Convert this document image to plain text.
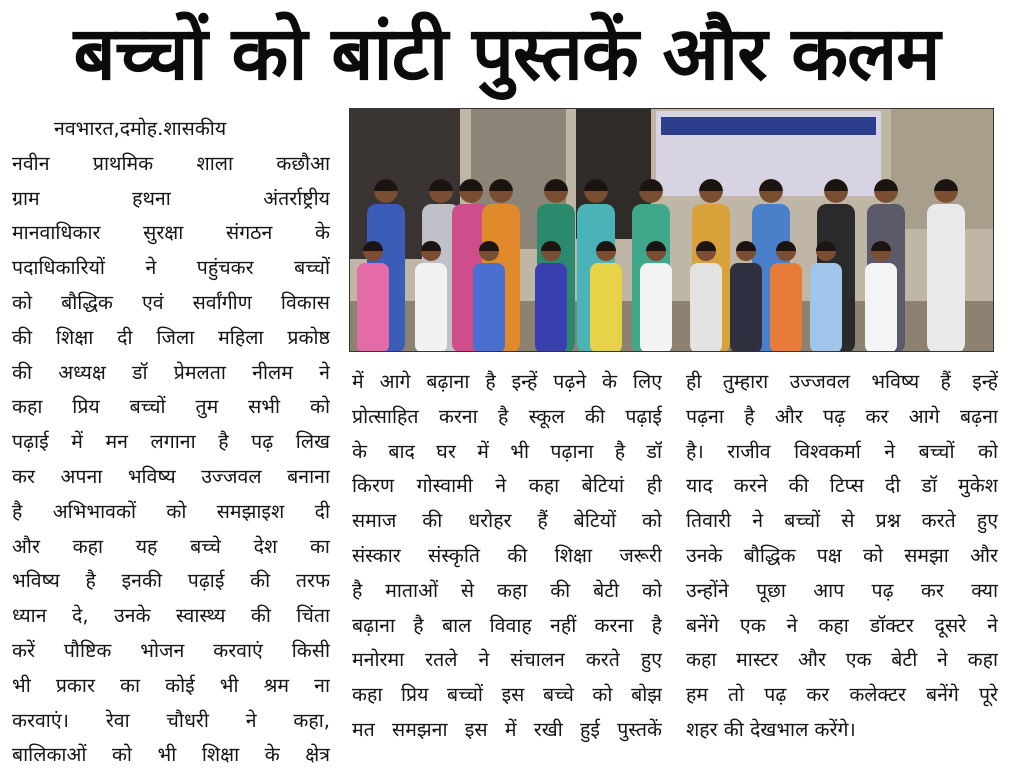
बच्चों को बांटी पुस्तकें और कलम

नवभारत,दमोह.शासकीय

नवीन प्राथमिक शाला कछौआ

ग्राम हथना अंतर्राष्ट्रीय

मानवाधिकार सुरक्षा संगठन के

पदाधिकारियों ने पहुंचकर बच्चों

को बौद्धिक एवं सर्वांगीण विकास

की शिक्षा दी जिला महिला प्रकोष्ठ

की अध्यक्ष डॉ प्रेमलता नीलम ने

कहा प्रिय बच्चों तुम सभी को

पढ़ाई में मन लगाना है पढ़ लिख

कर अपना भविष्य उज्जवल बनाना

है अभिभावकों को समझाइश दी

और कहा यह बच्चे देश का

भविष्य है इनकी पढ़ाई की तरफ

ध्यान दे, उनके स्वास्थ्य की चिंता

करें पौष्टिक भोजन करवाएं किसी

भी प्रकार का कोई भी श्रम ना

करवाएं। रेवा चौधरी ने कहा,

बालिकाओं को भी शिक्षा के क्षेत्र

में आगे बढ़ाना है इन्हें पढ़ने के लिए

प्रोत्साहित करना है स्कूल की पढ़ाई

के बाद घर में भी पढ़ाना है डॉ

किरण गोस्वामी ने कहा बेटियां ही

समाज की धरोहर हैं बेटियों को

संस्कार संस्कृति की शिक्षा जरूरी

है माताओं से कहा की बेटी को

बढ़ाना है बाल विवाह नहीं करना है

मनोरमा रतले ने संचालन करते हुए

कहा प्रिय बच्चों इस बच्चे को बोझ

मत समझना इस में रखी हुई पुस्तकें

ही तुम्हारा उज्जवल भविष्य हैं इन्हें

पढ़ना है और पढ़ कर आगे बढ़ना

है। राजीव विश्वकर्मा ने बच्चों को

याद करने की टिप्स दी डॉ मुकेश

तिवारी ने बच्चों से प्रश्न करते हुए

उनके बौद्धिक पक्ष को समझा और

उन्होंने पूछा आप पढ़ कर क्या

बनेंगे एक ने कहा डॉक्टर दूसरे ने

कहा मास्टर और एक बेटी ने कहा

हम तो पढ़ कर कलेक्टर बनेंगे पूरे

शहर की देखभाल करेंगे।
